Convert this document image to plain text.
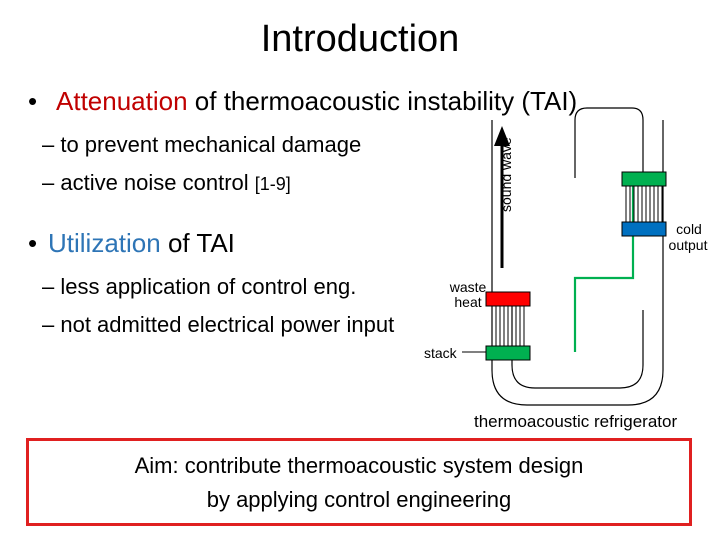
Introduction
• Attenuation of thermoacoustic instability (TAI)
– to prevent mechanical damage
– active noise control [1-9]
• Utilization of TAI
– less application of control eng.
– not admitted electrical power input
sound wave
waste
heat
cold
output
stack
thermoacoustic refrigerator
Aim: contribute thermoacoustic system design
by applying control engineering
